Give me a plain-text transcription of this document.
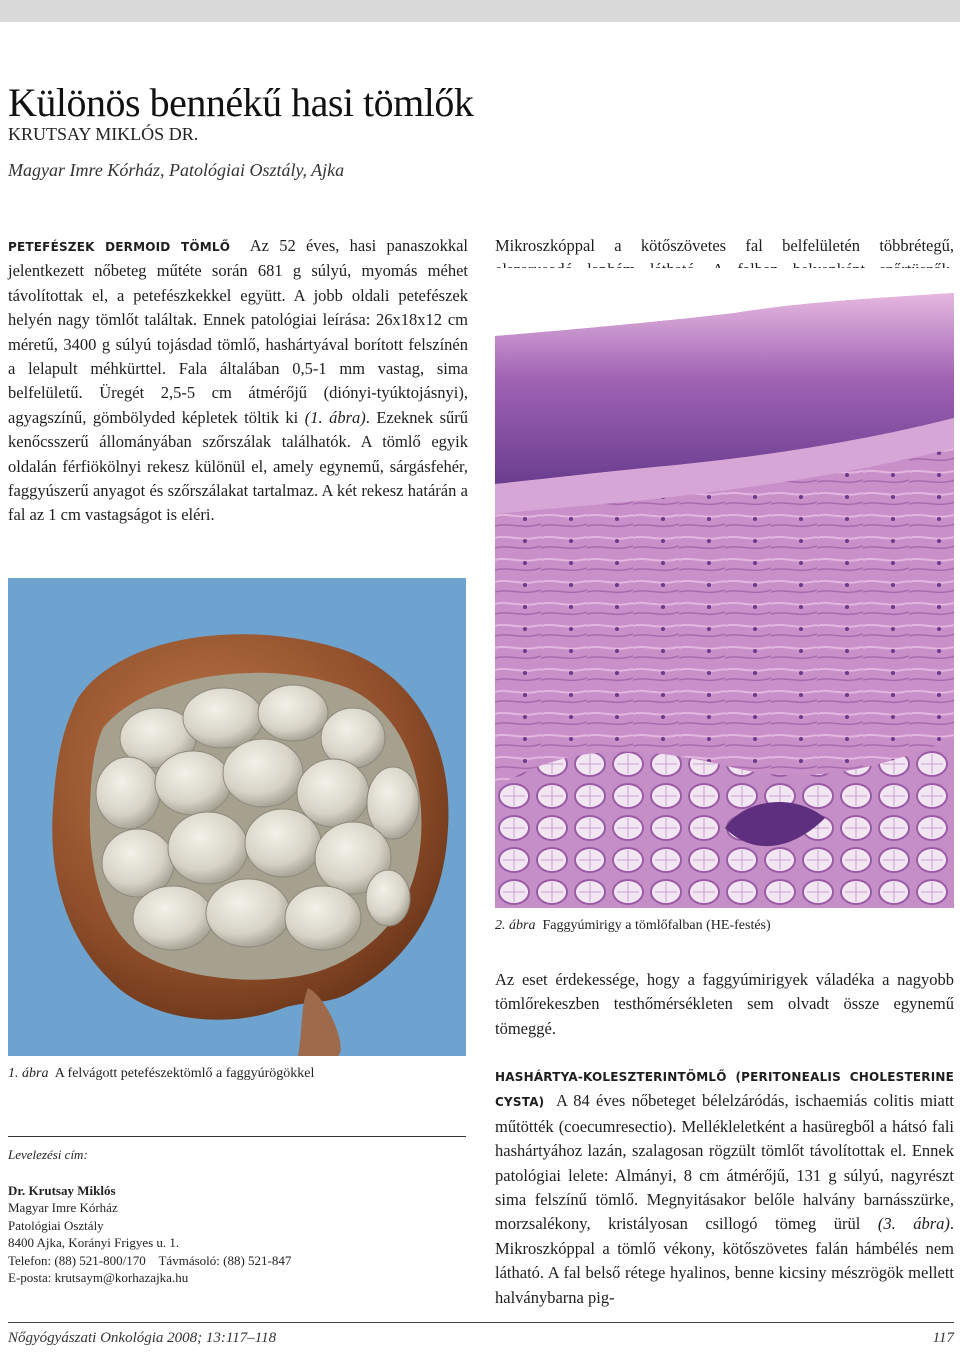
Különös bennékű hasi tömlők
KRUTSAY MIKLÓS DR.
Magyar Imre Kórház, Patológiai Osztály, Ajka

PETEFÉSZEK DERMOID TÖMLŐ Az 52 éves, hasi panaszokkal jelentkezett nőbeteg műtéte során 681 g súlyú, myomás méhet távolítottak el, a petefészkekkel együtt. A jobb oldali petefészek helyén nagy tömlőt találtak. Ennek patológiai leírása: 26x18x12 cm méretű, 3400 g súlyú tojásdad tömlő, hashártyával borított felszínén a lelapult méhkürttel. Fala általában 0,5-1 mm vastag, sima belfelületű. Üregét 2,5-5 cm átmérőjű (diónyi-tyúktojásnyi), agyagszínű, gömbölyded képletek töltik ki (1. ábra). Ezeknek sűrű kenőcsszerű állományában szőrszálak találhatók. A tömlő egyik oldalán férfiökölnyi rekesz különül el, amely egynemű, sárgásfehér, faggyúszerű anyagot és szőrszálakat tartalmaz. A két rekesz határán a fal az 1 cm vastagságot is eléri.

Mikroszkóppal a kötőszövetes fal belfelületén többrétegű,

1. ábra A felvágott petefészektömlő a faggyúrögökkel
2. ábra Faggyúmirigy a tömlőfalban (HE-festés)

Az eset érdekessége, hogy a faggyúmirigyek váladéka a nagyobb tömlőrekeszben testhőmérsékleten sem olvadt össze egynemű tömeggé.

HASHÁRTYA-KOLESZTERINTÖMLŐ (PERITONEALIS CHOLESTERINE CYSTA) A 84 éves nőbeteget bélelzáródás, ischaemiás colitis miatt műtötték (coecumresectio). Mellékleletként a hasüregből a hátsó fali hashártyához lazán, szalagosan rögzült tömlőt távolítottak el. Ennek patológiai lelete: Almányi, 8 cm átmérőjű, 131 g súlyú, nagyrészt sima felszínű tömlő. Megnyitásakor belőle halvány barnásszürke, morzsalékony, kristályosan csillogó tömeg ürül (3. ábra). Mikroszkóppal a tömlő vékony, kötőszövetes falán hámbélés nem látható. A fal belső rétege hyalinos, benne kicsiny mészrögök mellett halványbarna pig-

Levelezési cím:
Dr. Krutsay Miklós
Magyar Imre Kórház
Patológiai Osztály
8400 Ajka, Korányi Frigyes u. 1.
Telefon: (88) 521-800/170    Távmásoló: (88) 521-847
E-posta: krutsaym@korhazajka.hu
Nőgyógyászati Onkológia 2008; 13:117–118	117
